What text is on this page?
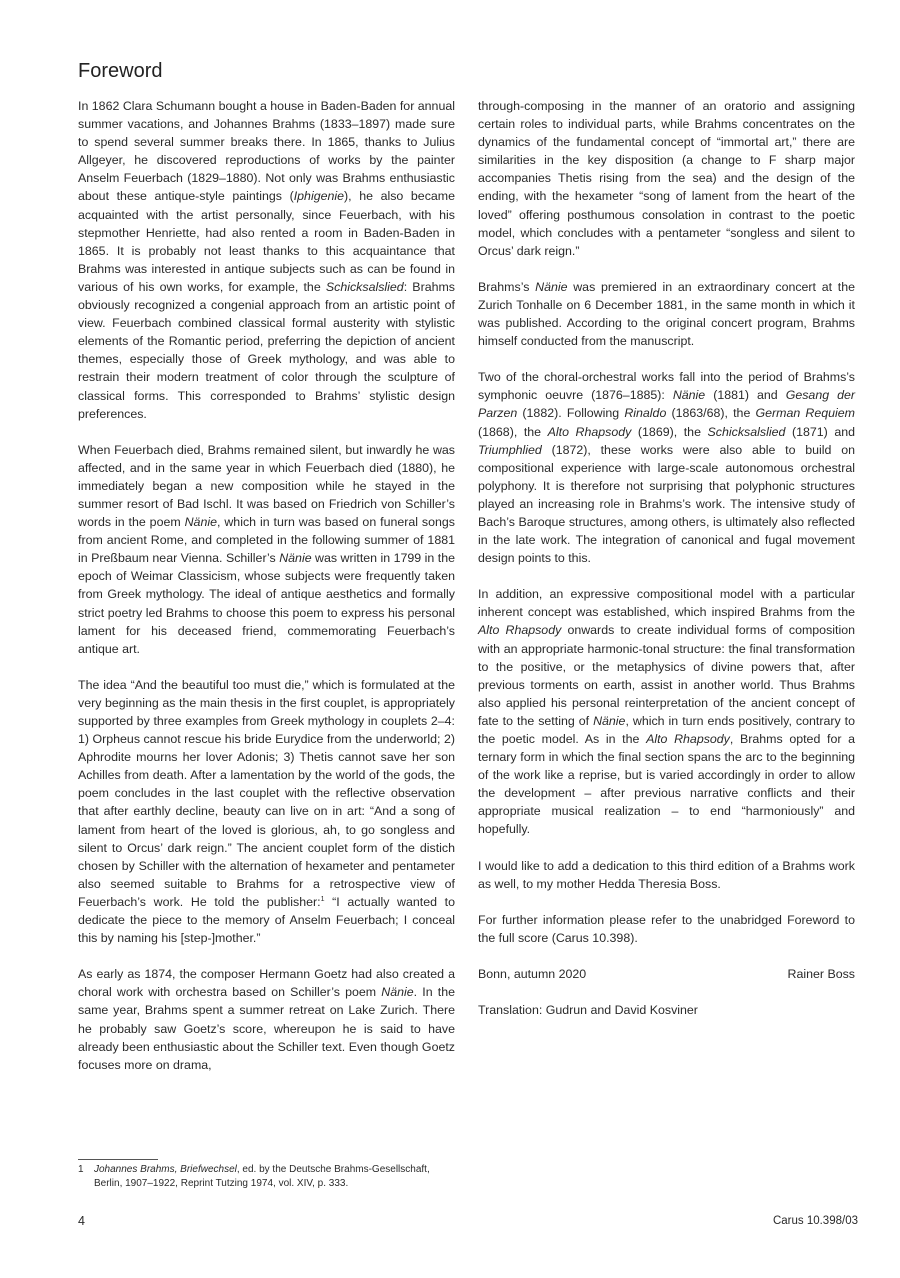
Foreword

In 1862 Clara Schumann bought a house in Baden-Baden for annual summer vacations, and Johannes Brahms (1833–1897) made sure to spend several summer breaks there. In 1865, thanks to Julius Allgeyer, he discovered reproductions of works by the painter Anselm Feuerbach (1829–1880). Not only was Brahms enthusiastic about these antique-style paintings (Iphigenie), he also became acquainted with the artist personally, since Feuerbach, with his stepmother Henriette, had also rented a room in Baden-Baden in 1865. It is probably not least thanks to this acquaintance that Brahms was interested in antique subjects such as can be found in various of his own works, for example, the Schicksalslied: Brahms obviously recognized a congenial approach from an artistic point of view. Feuerbach combined classical formal austerity with stylistic elements of the Romantic period, preferring the depiction of ancient themes, especially those of Greek mythology, and was able to restrain their modern treatment of color through the sculpture of classical forms. This corresponded to Brahms’ stylistic design preferences.

When Feuerbach died, Brahms remained silent, but inwardly he was affected, and in the same year in which Feuerbach died (1880), he immediately began a new composition while he stayed in the summer resort of Bad Ischl. It was based on Friedrich von Schiller’s words in the poem Nänie, which in turn was based on funeral songs from ancient Rome, and completed in the following summer of 1881 in Preßbaum near Vienna. Schiller’s Nänie was written in 1799 in the epoch of Weimar Classicism, whose subjects were frequently taken from Greek mythology. The ideal of antique aesthetics and formally strict poetry led Brahms to choose this poem to express his personal lament for his deceased friend, commemorating Feuerbach’s antique art.

The idea “And the beautiful too must die,” which is formulated at the very beginning as the main thesis in the first couplet, is appropriately supported by three examples from Greek mythology in couplets 2–4: 1) Orpheus cannot rescue his bride Eurydice from the underworld; 2) Aphrodite mourns her lover Adonis; 3) Thetis cannot save her son Achilles from death. After a lamentation by the world of the gods, the poem concludes in the last couplet with the reflective observation that after earthly decline, beauty can live on in art: “And a song of lament from heart of the loved is glorious, ah, to go songless and silent to Orcus’ dark reign.” The ancient couplet form of the distich chosen by Schiller with the alternation of hexameter and pentameter also seemed suitable to Brahms for a retrospective view of Feuerbach’s work. He told the publisher:$^1$ “I actually wanted to dedicate the piece to the memory of Anselm Feuerbach; I conceal this by naming his [step-]mother.”

As early as 1874, the composer Hermann Goetz had also created a choral work with orchestra based on Schiller’s poem Nänie. In the same year, Brahms spent a summer retreat on Lake Zurich. There he probably saw Goetz’s score, whereupon he is said to have already been enthusiastic about the Schiller text. Even though Goetz focuses more on drama,

through-composing in the manner of an oratorio and assigning certain roles to individual parts, while Brahms concentrates on the dynamics of the fundamental concept of “immortal art,” there are similarities in the key disposition (a change to F sharp major accompanies Thetis rising from the sea) and the design of the ending, with the hexameter “song of lament from the heart of the loved” offering posthumous consolation in contrast to the poetic model, which concludes with a pentameter “songless and silent to Orcus’ dark reign.”

Brahms’s Nänie was premiered in an extraordinary concert at the Zurich Tonhalle on 6 December 1881, in the same month in which it was published. According to the original concert program, Brahms himself conducted from the manuscript.

Two of the choral-orchestral works fall into the period of Brahms’s symphonic oeuvre (1876–1885): Nänie (1881) and Gesang der Parzen (1882). Following Rinaldo (1863/68), the German Requiem (1868), the Alto Rhapsody (1869), the Schicksalslied (1871) and Triumphlied (1872), these works were also able to build on compositional experience with large-scale autonomous orchestral polyphony. It is therefore not surprising that polyphonic structures played an increasing role in Brahms’s work. The intensive study of Bach’s Baroque structures, among others, is ultimately also reflected in the late work. The integration of canonical and fugal movement design points to this.

In addition, an expressive compositional model with a particular inherent concept was established, which inspired Brahms from the Alto Rhapsody onwards to create individual forms of composition with an appropriate harmonic-tonal structure: the final transformation to the positive, or the metaphysics of divine powers that, after previous torments on earth, assist in another world. Thus Brahms also applied his personal reinterpretation of the ancient concept of fate to the setting of Nänie, which in turn ends positively, contrary to the poetic model. As in the Alto Rhapsody, Brahms opted for a ternary form in which the final section spans the arc to the beginning of the work like a reprise, but is varied accordingly in order to allow the development – after previous narrative conflicts and their appropriate musical realization – to end “harmoniously” and hopefully.

I would like to add a dedication to this third edition of a Brahms work as well, to my mother Hedda Theresia Boss.

For further information please refer to the unabridged Foreword to the full score (Carus 10.398).

Bonn, autumn 2020	Rainer Boss

Translation: Gudrun and David Kosviner

1	Johannes Brahms, Briefwechsel, ed. by the Deutsche Brahms-Gesellschaft, Berlin, 1907–1922, Reprint Tutzing 1974, vol. XIV, p. 333.
4	Carus 10.398/03
